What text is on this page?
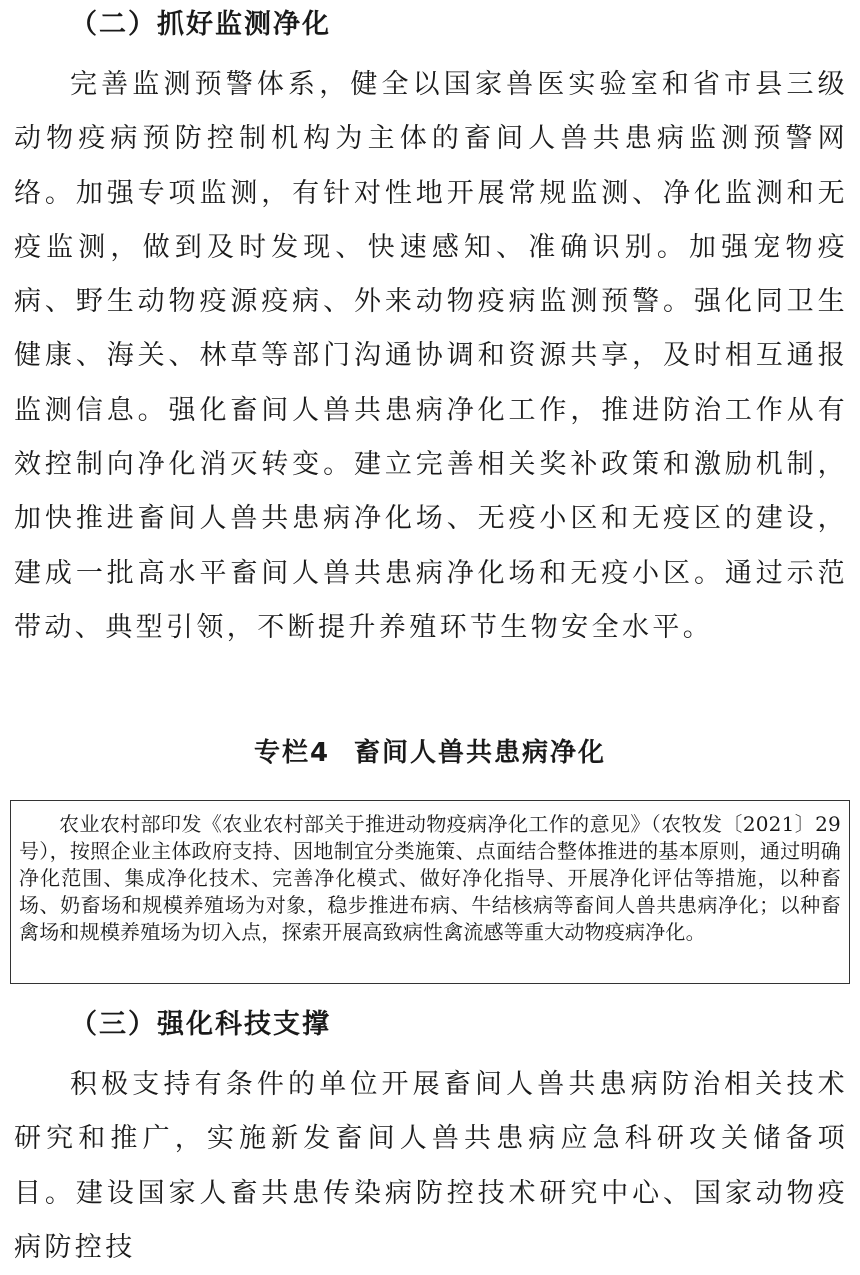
（二）抓好监测净化

完善监测预警体系，健全以国家兽医实验室和省市县三级动物疫病预防控制机构为主体的畜间人兽共患病监测预警网络。加强专项监测，有针对性地开展常规监测、净化监测和无疫监测，做到及时发现、快速感知、准确识别。加强宠物疫病、野生动物疫源疫病、外来动物疫病监测预警。强化同卫生健康、海关、林草等部门沟通协调和资源共享，及时相互通报监测信息。强化畜间人兽共患病净化工作，推进防治工作从有效控制向净化消灭转变。建立完善相关奖补政策和激励机制，加快推进畜间人兽共患病净化场、无疫小区和无疫区的建设，建成一批高水平畜间人兽共患病净化场和无疫小区。通过示范带动、典型引领，不断提升养殖环节生物安全水平。

专栏4 畜间人兽共患病净化

农业农村部印发《农业农村部关于推进动物疫病净化工作的意见》（农牧发〔2021〕29号），按照企业主体政府支持、因地制宜分类施策、点面结合整体推进的基本原则，通过明确净化范围、集成净化技术、完善净化模式、做好净化指导、开展净化评估等措施，以种畜场、奶畜场和规模养殖场为对象，稳步推进布病、牛结核病等畜间人兽共患病净化；以种畜禽场和规模养殖场为切入点，探索开展高致病性禽流感等重大动物疫病净化。

（三）强化科技支撑

积极支持有条件的单位开展畜间人兽共患病防治相关技术研究和推广，实施新发畜间人兽共患病应急科研攻关储备项目。建设国家人畜共患传染病防控技术研究中心、国家动物疫病防控技
